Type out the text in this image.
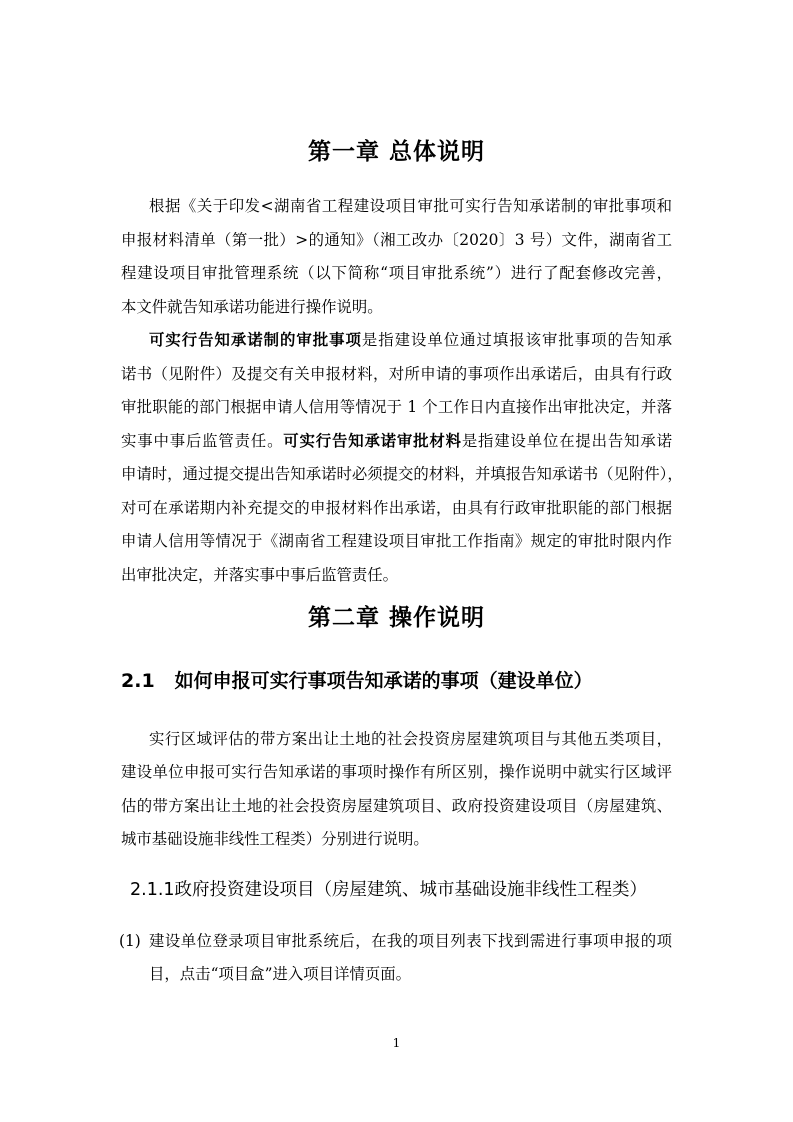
第一章 总体说明
根据《关于印发<湖南省工程建设项目审批可实行告知承诺制的审批事项和
申报材料清单（第一批）>的通知》（湘工改办〔2020〕3 号）文件，湖南省工
程建设项目审批管理系统（以下简称“项目审批系统”）进行了配套修改完善，
本文件就告知承诺功能进行操作说明。
可实行告知承诺制的审批事项是指建设单位通过填报该审批事项的告知承
诺书（见附件）及提交有关申报材料，对所申请的事项作出承诺后，由具有行政
审批职能的部门根据申请人信用等情况于 1 个工作日内直接作出审批决定，并落
实事中事后监管责任。可实行告知承诺审批材料是指建设单位在提出告知承诺
申请时，通过提交提出告知承诺时必须提交的材料，并填报告知承诺书（见附件），
对可在承诺期内补充提交的申报材料作出承诺，由具有行政审批职能的部门根据
申请人信用等情况于《湖南省工程建设项目审批工作指南》规定的审批时限内作
出审批决定，并落实事中事后监管责任。
第二章 操作说明
2.1 如何申报可实行事项告知承诺的事项（建设单位）
实行区域评估的带方案出让土地的社会投资房屋建筑项目与其他五类项目，
建设单位申报可实行告知承诺的事项时操作有所区别，操作说明中就实行区域评
估的带方案出让土地的社会投资房屋建筑项目、政府投资建设项目（房屋建筑、
城市基础设施非线性工程类）分别进行说明。
2.1.1政府投资建设项目（房屋建筑、城市基础设施非线性工程类）
(1) 建设单位登录项目审批系统后，在我的项目列表下找到需进行事项申报的项
目，点击“项目盒”进入项目详情页面。
1
